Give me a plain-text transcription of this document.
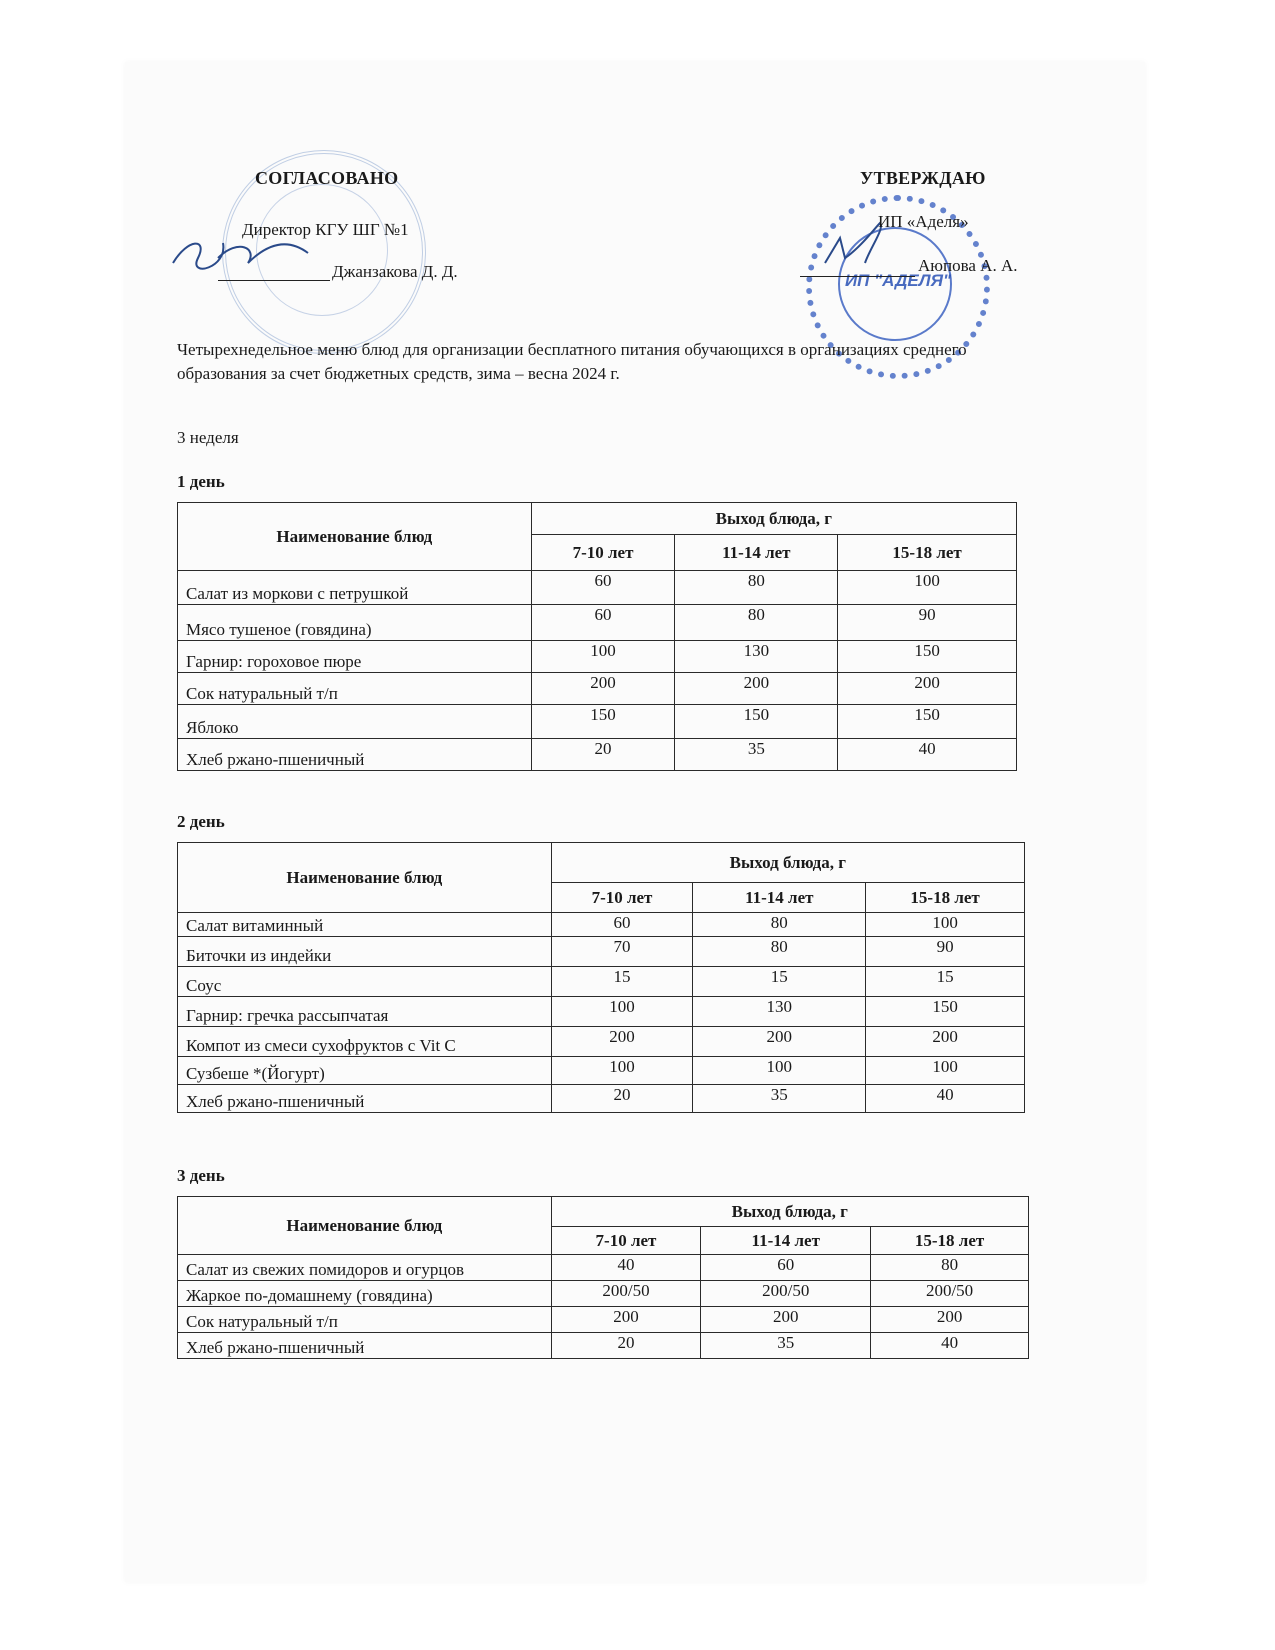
ИП "АДЕЛЯ"
СОГЛАСОВАНО
Директор КГУ ШГ №1
Джанзакова Д. Д.
УТВЕРЖДАЮ
ИП «Аделя»
Аюпова А. А.
Четырехнедельное меню блюд для организации бесплатного питания обучающихся в организациях среднего образования за счет бюджетных средств, зима – весна 2024 г.
3 неделя
1 день
Наименование блюд	Выход блюда, г		
	7-10 лет	11-14 лет	15-18 лет
Салат из моркови с петрушкой	60	80	100
Мясо тушеное (говядина)	60	80	90
Гарнир: гороховое пюре	100	130	150
Сок натуральный т/п	200	200	200
Яблоко	150	150	150
Хлеб ржано-пшеничный	20	35	40
2 день
Наименование блюд	Выход блюда, г		
	7-10 лет	11-14 лет	15-18 лет
Салат витаминный	60	80	100
Биточки из индейки	70	80	90
Соус	15	15	15
Гарнир: гречка рассыпчатая	100	130	150
Компот из смеси сухофруктов с Vit C	200	200	200
Сузбеше *(Йогурт)	100	100	100
Хлеб ржано-пшеничный	20	35	40
3 день
Наименование блюд	Выход блюда, г		
	7-10 лет	11-14 лет	15-18 лет
Салат из свежих помидоров и огурцов	40	60	80
Жаркое по-домашнему (говядина)	200/50	200/50	200/50
Сок натуральный т/п	200	200	200
Хлеб ржано-пшеничный	20	35	40
